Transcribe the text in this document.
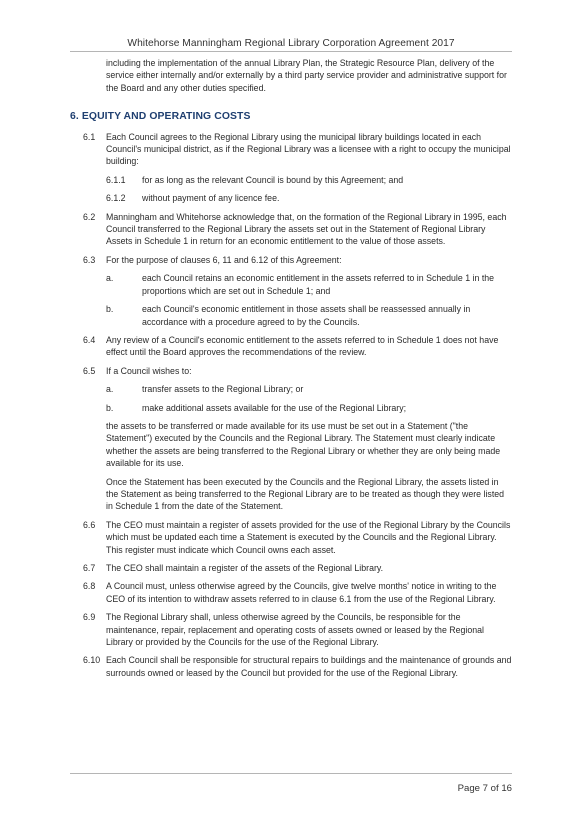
Whitehorse Manningham Regional Library Corporation Agreement 2017

including the implementation of the annual Library Plan, the Strategic Resource Plan, delivery of the service either internally and/or externally by a third party service provider and administrative support for the Board and any other duties specified.

6. EQUITY AND OPERATING COSTS
6.1	Each Council agrees to the Regional Library using the municipal library buildings located in each Council's municipal district, as if the Regional Library was a licensee with a right to occupy the municipal building:

6.1.1	for as long as the relevant Council is bound by this Agreement; and
6.1.2	without payment of any licence fee.
6.2	Manningham and Whitehorse acknowledge that, on the formation of the Regional Library in 1995, each Council transferred to the Regional Library the assets set out in the Statement of Regional Library Assets in Schedule 1 in return for an economic entitlement to the value of those assets.

6.3	For the purpose of clauses 6, 11 and 6.12 of this Agreement:

a.	each Council retains an economic entitlement in the assets referred to in Schedule 1 in the proportions which are set out in Schedule 1; and
b.	each Council's economic entitlement in those assets shall be reassessed annually in accordance with a procedure agreed to by the Councils.
6.4	Any review of a Council's economic entitlement to the assets referred to in Schedule 1 does not have effect until the Board approves the recommendations of the review.

6.5	If a Council wishes to:

a.	transfer assets to the Regional Library; or
b.	make additional assets available for the use of the Regional Library;

the assets to be transferred or made available for its use must be set out in a Statement ("the Statement") executed by the Councils and the Regional Library. The Statement must clearly indicate whether the assets are being transferred to the Regional Library or whether they are only being made available for its use.

Once the Statement has been executed by the Councils and the Regional Library, the assets listed in the Statement as being transferred to the Regional Library are to be treated as though they were listed in Schedule 1 from the date of the Statement.

6.6	The CEO must maintain a register of assets provided for the use of the Regional Library by the Councils which must be updated each time a Statement is executed by the Councils and the Regional Library. This register must indicate which Council owns each asset.

6.7	The CEO shall maintain a register of the assets of the Regional Library.

6.8	A Council must, unless otherwise agreed by the Councils, give twelve months' notice in writing to the CEO of its intention to withdraw assets referred to in clause 6.1 from the use of the Regional Library.

6.9	The Regional Library shall, unless otherwise agreed by the Councils, be responsible for the maintenance, repair, replacement and operating costs of assets owned or leased by the Regional Library or provided by the Councils for the use of the Regional Library.

6.10 Each Council shall be responsible for structural repairs to buildings and the maintenance of grounds and surrounds owned or leased by the Council but provided for the use of the Regional Library.

Page 7 of 16
